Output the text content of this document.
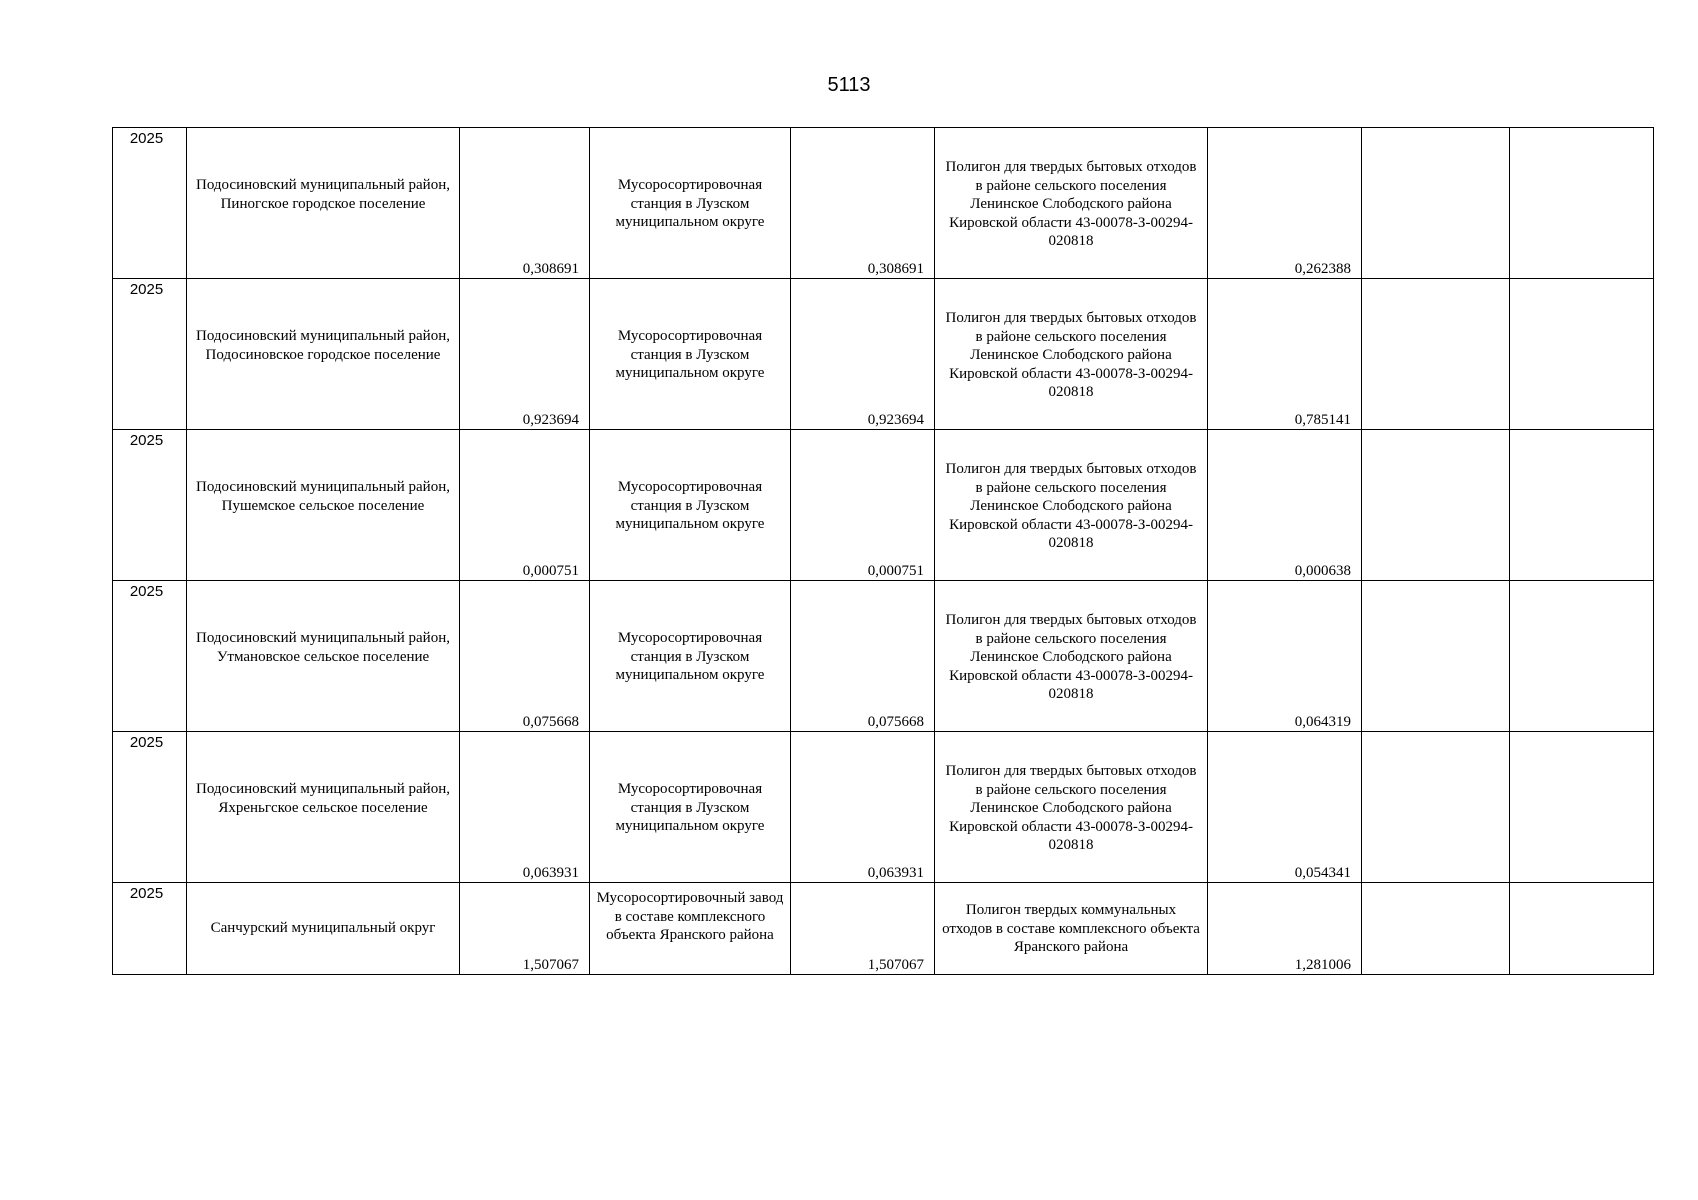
5113
2025	Подосиновский муниципальный район, Пиногское городское поселение	0,308691	Мусоросортировочная станция в Лузском муниципальном округе	0,308691	Полигон для твердых бытовых отходов в районе сельского поселения Ленинское Слободского района Кировской области 43-00078-З-00294-020818	0,262388		

2025	Подосиновский муниципальный район, Подосиновское городское поселение	0,923694	Мусоросортировочная станция в Лузском муниципальном округе	0,923694	Полигон для твердых бытовых отходов в районе сельского поселения Ленинское Слободского района Кировской области 43-00078-З-00294-020818	0,785141		

2025	Подосиновский муниципальный район, Пушемское сельское поселение	0,000751	Мусоросортировочная станция в Лузском муниципальном округе	0,000751	Полигон для твердых бытовых отходов в районе сельского поселения Ленинское Слободского района Кировской области 43-00078-З-00294-020818	0,000638		

2025	Подосиновский муниципальный район, Утмановское сельское поселение	0,075668	Мусоросортировочная станция в Лузском муниципальном округе	0,075668	Полигон для твердых бытовых отходов в районе сельского поселения Ленинское Слободского района Кировской области 43-00078-З-00294-020818	0,064319		

2025	Подосиновский муниципальный район, Яхреньгское сельское поселение	0,063931	Мусоросортировочная станция в Лузском муниципальном округе	0,063931	Полигон для твердых бытовых отходов в районе сельского поселения Ленинское Слободского района Кировской области 43-00078-З-00294-020818	0,054341		

2025	Санчурский муниципальный округ	1,507067	Мусоросортировочный завод в составе комплексного объекта Яранского района	1,507067	Полигон твердых коммунальных отходов в составе комплексного объекта Яранского района	1,281006		
